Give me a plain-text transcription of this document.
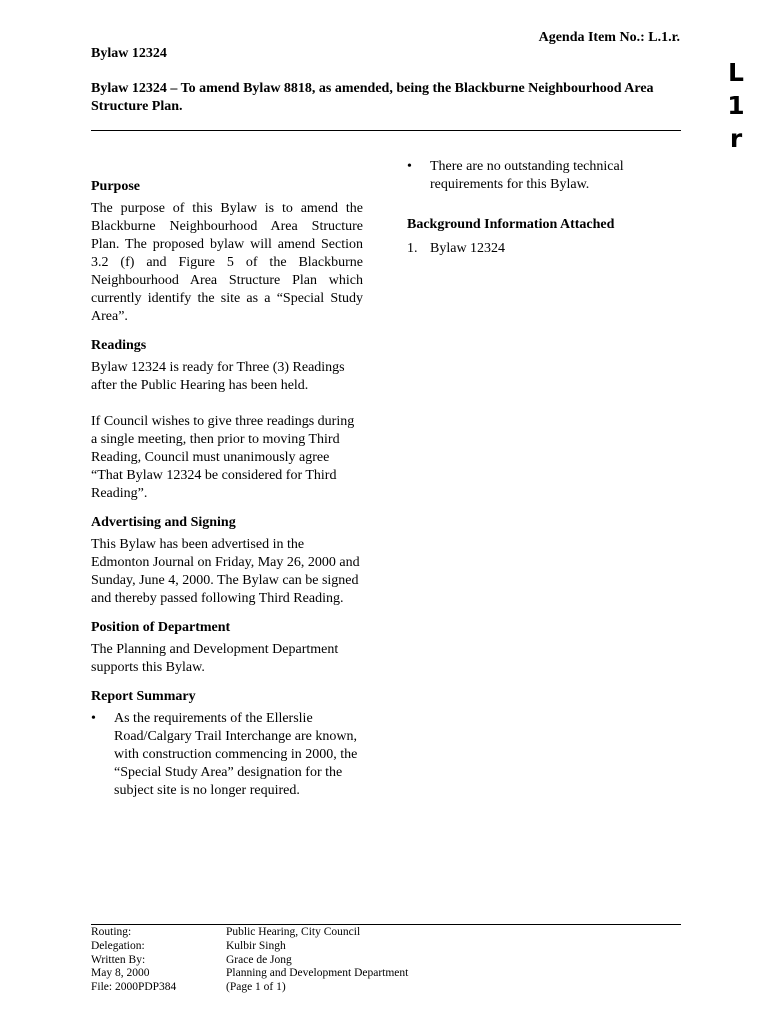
Agenda Item No.: L.1.r.
Bylaw 12324
Bylaw 12324 – To amend Bylaw 8818, as amended, being the Blackburne Neighbourhood Area Structure Plan.
L
1
r
Purpose

The purpose of this Bylaw is to amend the Blackburne Neighbourhood Area Structure Plan. The proposed bylaw will amend Section 3.2 (f) and Figure 5 of the Blackburne Neighbourhood Area Structure Plan which currently identify the site as a “Special Study Area”.

Readings

Bylaw 12324 is ready for Three (3) Readings after the Public Hearing has been held.

If Council wishes to give three readings during a single meeting, then prior to moving Third Reading, Council must unanimously agree “That Bylaw 12324 be considered for Third Reading”.

Advertising and Signing

This Bylaw has been advertised in the Edmonton Journal on Friday, May 26, 2000 and Sunday, June 4, 2000. The Bylaw can be signed and thereby passed following Third Reading.

Position of Department

The Planning and Development Department supports this Bylaw.

Report Summary
• As the requirements of the Ellerslie Road/Calgary Trail Interchange are known, with construction commencing in 2000, the “Special Study Area” designation for the subject site is no longer required.
• There are no outstanding technical requirements for this Bylaw.
Background Information Attached
1. Bylaw 12324
Routing:	Public Hearing, City Council
Delegation:	Kulbir Singh
Written By:	Grace de Jong
May 8, 2000	Planning and Development Department
File: 2000PDP384	(Page 1 of 1)
